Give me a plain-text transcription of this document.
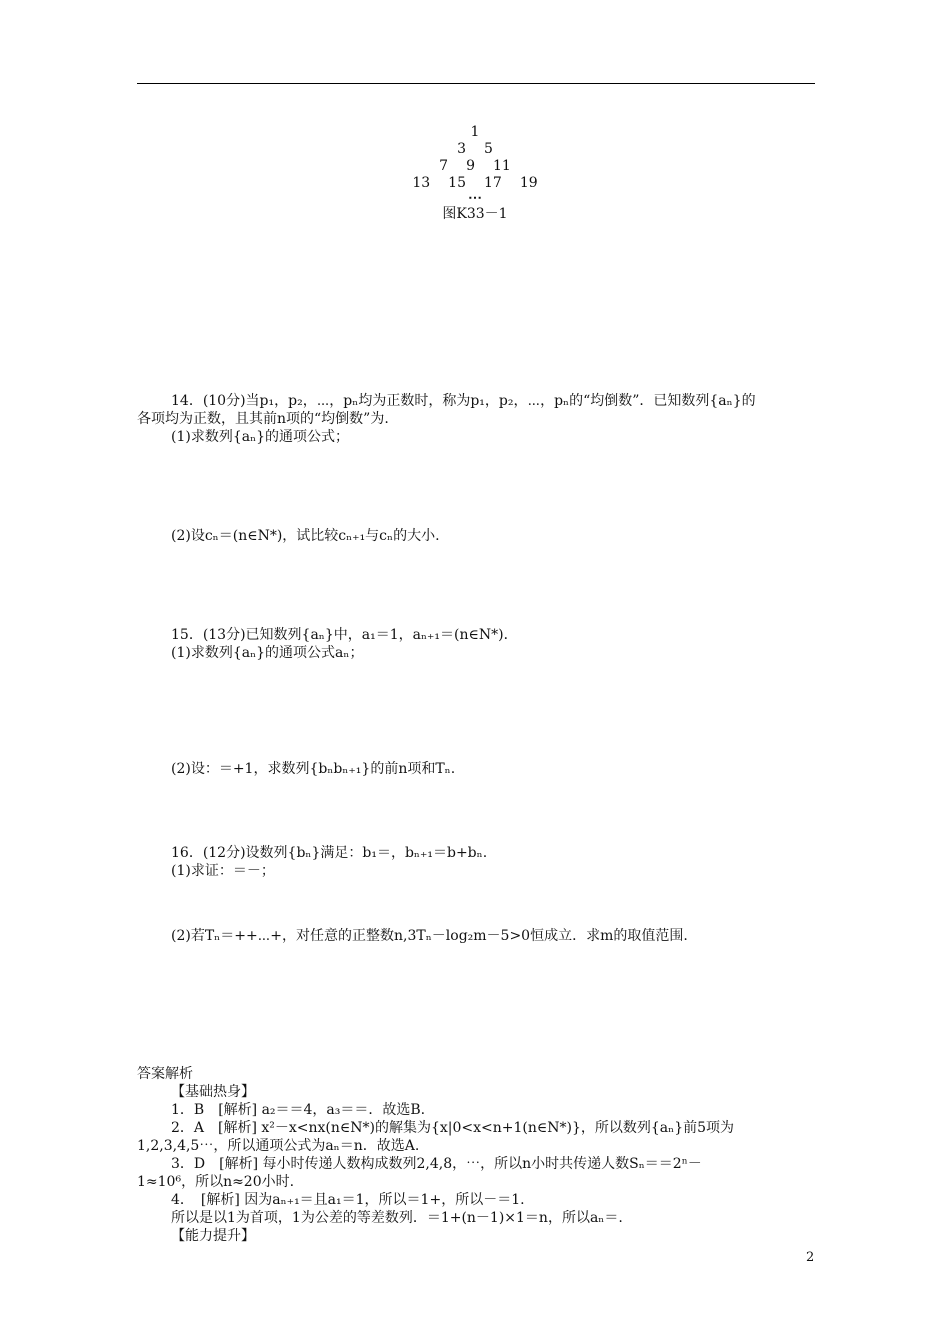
1
3 5
7 9 11
13 15 17 19
⋯
图K33－1
14．(10分)当p₁，p₂，⋯，pₙ均为正数时，称为p₁，p₂，⋯，pₙ的“均倒数”．已知数列{aₙ}的
各项均为正数，且其前n项的“均倒数”为.
(1)求数列{aₙ}的通项公式；
(2)设cₙ＝(n∈N*)，试比较cₙ₊₁与cₙ的大小.
15．(13分)已知数列{aₙ}中，a₁＝1，aₙ₊₁＝(n∈N*)．
(1)求数列{aₙ}的通项公式aₙ；
(2)设：＝+1，求数列{bₙbₙ₊₁}的前n项和Tₙ.
16．(12分)设数列{bₙ}满足：b₁＝，bₙ₊₁＝b+bₙ.
(1)求证：＝－；
(2)若Tₙ＝++⋯+，对任意的正整数n,3Tₙ－log₂m－5>0恒成立．求m的取值范围.
答案解析
【基础热身】
1．B　[解析] a₂＝＝4，a₃＝＝．故选B.
2．A　[解析] x²－x<nx(n∈N*)的解集为{x|0<x<n+1(n∈N*)}，所以数列{aₙ}前5项为
1,2,3,4,5⋯，所以通项公式为aₙ＝n．故选A.
3．D　[解析] 每小时传递人数构成数列2,4,8，⋯，所以n小时共传递人数Sₙ＝＝2ⁿ－
1≈10⁶，所以n≈20小时.
4．　[解析] 因为aₙ₊₁＝且a₁＝1，所以＝1+，所以－＝1.
所以是以1为首项，1为公差的等差数列．＝1+(n－1)×1＝n，所以aₙ＝.
【能力提升】
2
